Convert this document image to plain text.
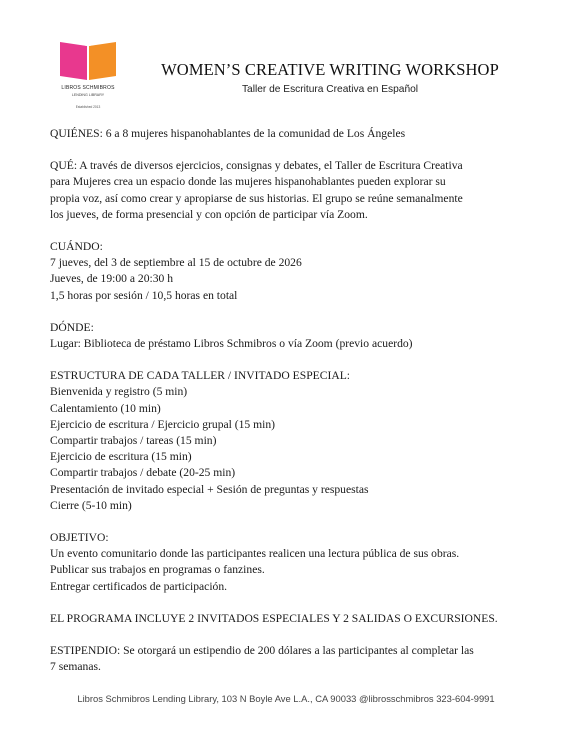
LIBROS SCHMIBROS
LENDING LIBRARY
Established 2013
WOMEN’S CREATIVE WRITING WORKSHOP
Taller de Escritura Creativa en Español

QUIÉNES: 6 a 8 mujeres hispanohablantes de la comunidad de Los Ángeles

QUÉ: A través de diversos ejercicios, consignas y debates, el Taller de Escritura Creativa

para Mujeres crea un espacio donde las mujeres hispanohablantes pueden explorar su

propia voz, así como crear y apropiarse de sus historias. El grupo se reúne semanalmente

los jueves, de forma presencial y con opción de participar vía Zoom.

CUÁNDO:

7 jueves, del 3 de septiembre al 15 de octubre de 2026

Jueves, de 19:00 a 20:30 h

1,5 horas por sesión / 10,5 horas en total

DÓNDE:

Lugar: Biblioteca de préstamo Libros Schmibros o vía Zoom (previo acuerdo)

ESTRUCTURA DE CADA TALLER / INVITADO ESPECIAL:

Bienvenida y registro (5 min)

Calentamiento (10 min)

Ejercicio de escritura / Ejercicio grupal (15 min)

Compartir trabajos / tareas (15 min)

Ejercicio de escritura (15 min)

Compartir trabajos / debate (20-25 min)

Presentación de invitado especial + Sesión de preguntas y respuestas

Cierre (5-10 min)

OBJETIVO:

Un evento comunitario donde las participantes realicen una lectura pública de sus obras.

Publicar sus trabajos en programas o fanzines.

Entregar certificados de participación.

EL PROGRAMA INCLUYE 2 INVITADOS ESPECIALES Y 2 SALIDAS O EXCURSIONES.

ESTIPENDIO: Se otorgará un estipendio de 200 dólares a las participantes al completar las

7 semanas.

Libros Schmibros Lending Library, 103 N Boyle Ave L.A., CA 90033 @librosschmibros 323-604-9991
